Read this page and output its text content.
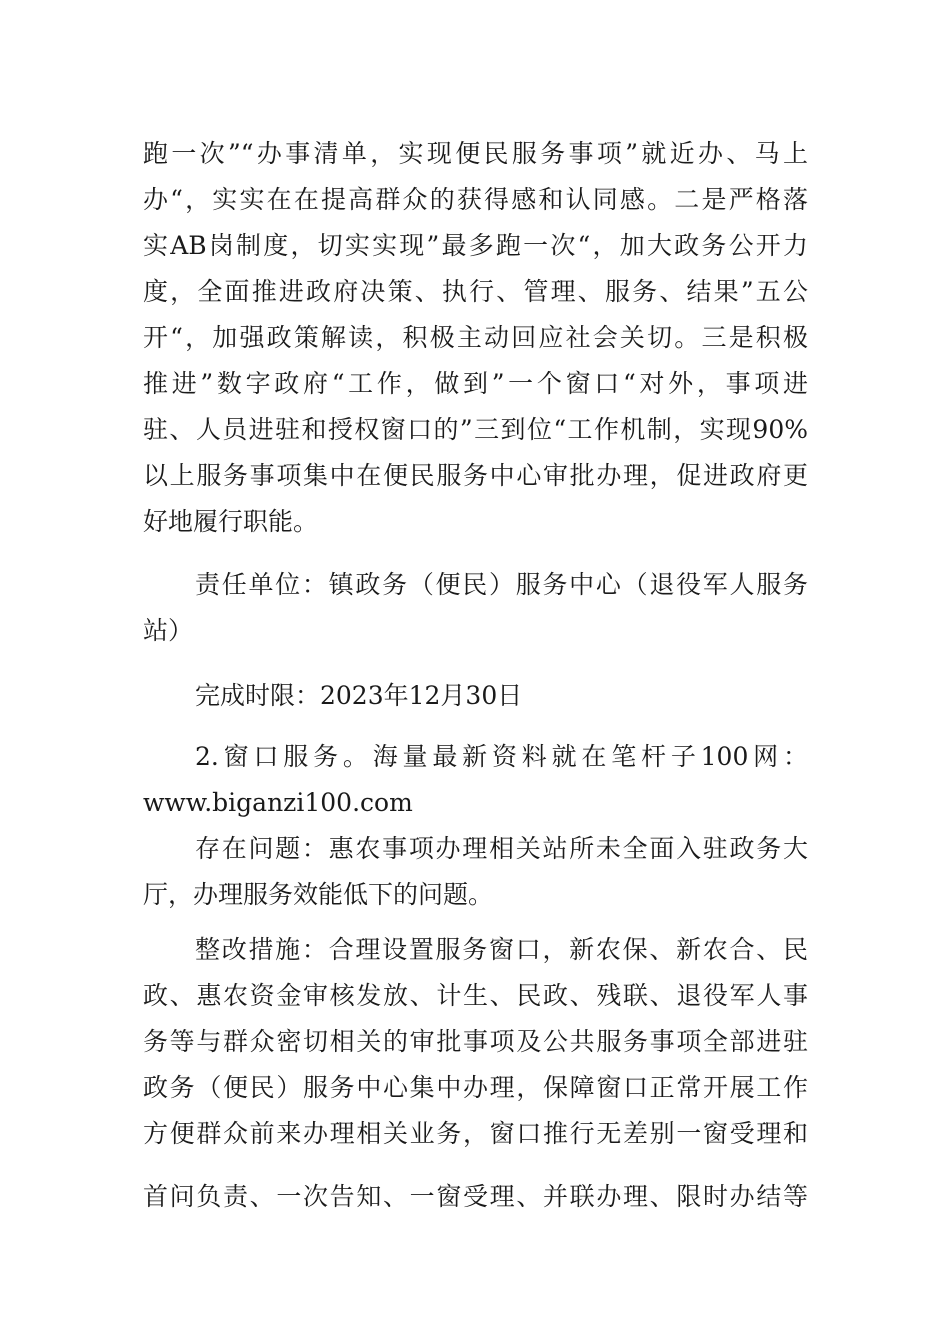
跑一次”“办事清单，实现便民服务事项”就近办、马上
办“，实实在在提高群众的获得感和认同感。二是严格落
实AB岗制度，切实实现”最多跑一次“，加大政务公开力
度，全面推进政府决策、执行、管理、服务、结果”五公
开“，加强政策解读，积极主动回应社会关切。三是积极
推进”数字政府“工作，做到”一个窗口“对外，事项进
驻、人员进驻和授权窗口的”三到位“工作机制，实现90%
以上服务事项集中在便民服务中心审批办理，促进政府更
好地履行职能。
责任单位：镇政务（便民）服务中心（退役军人服务
站）
完成时限：2023年12月30日
2.窗口服务。海量最新资料就在笔杆子100网：
www.biganzi100.com
存在问题：惠农事项办理相关站所未全面入驻政务大
厅，办理服务效能低下的问题。
整改措施：合理设置服务窗口，新农保、新农合、民
政、惠农资金审核发放、计生、民政、残联、退役军人事
务等与群众密切相关的审批事项及公共服务事项全部进驻
政务（便民）服务中心集中办理，保障窗口正常开展工作
方便群众前来办理相关业务，窗口推行无差别一窗受理和
首问负责、一次告知、一窗受理、并联办理、限时办结等
